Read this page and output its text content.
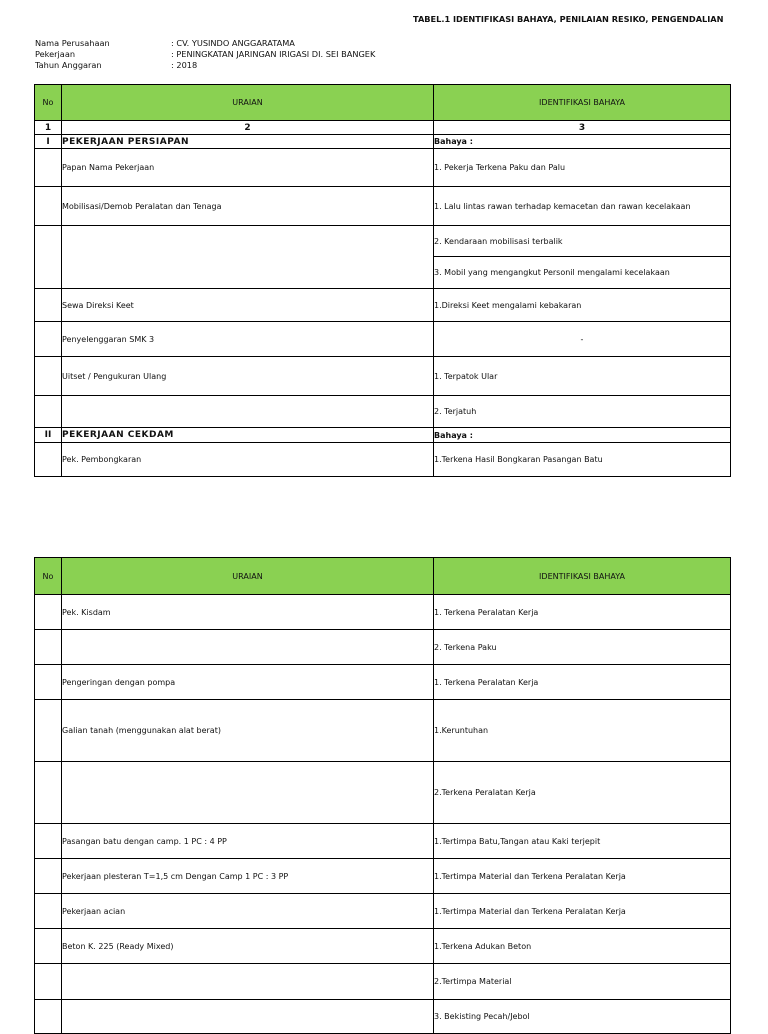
TABEL.1 IDENTIFIKASI BAHAYA, PENILAIAN RESIKO, PENGENDALIAN
Nama Perusahaan	: CV. YUSINDO ANGGARATAMA
Pekerjaan	: PENINGKATAN JARINGAN IRIGASI DI. SEI BANGEK
Tahun Anggaran	: 2018
No	URAIAN	IDENTIFIKASI BAHAYA
1	2	3
I	PEKERJAAN PERSIAPAN	Bahaya :
	Papan Nama Pekerjaan	1. Pekerja Terkena Paku dan Palu
	Mobilisasi/Demob Peralatan dan Tenaga	1. Lalu lintas rawan terhadap kemacetan dan rawan kecelakaan
		2. Kendaraan mobilisasi terbalik
		3. Mobil yang mengangkut Personil mengalami kecelakaan
	Sewa Direksi Keet	1.Direksi Keet mengalami kebakaran
	Penyelenggaran SMK 3	-
	Uitset / Pengukuran Ulang	1. Terpatok Ular
		2. Terjatuh
II	PEKERJAAN CEKDAM	Bahaya :
	Pek. Pembongkaran	1.Terkena Hasil Bongkaran Pasangan Batu
No	URAIAN	IDENTIFIKASI BAHAYA
	Pek. Kisdam	1. Terkena Peralatan Kerja
		2. Terkena Paku
	Pengeringan dengan pompa	1. Terkena Peralatan Kerja
	Galian tanah (menggunakan alat berat)	1.Keruntuhan
		2.Terkena Peralatan Kerja
	Pasangan batu dengan camp. 1 PC : 4 PP	1.Tertimpa Batu,Tangan atau Kaki terjepit
	Pekerjaan plesteran T=1,5 cm Dengan Camp 1 PC : 3 PP	1.Tertimpa Material dan Terkena Peralatan Kerja
	Pekerjaan acian	1.Tertimpa Material dan Terkena Peralatan Kerja
	Beton K. 225 (Ready Mixed)	1.Terkena Adukan Beton
		2.Tertimpa Material
		3. Bekisting Pecah/Jebol
